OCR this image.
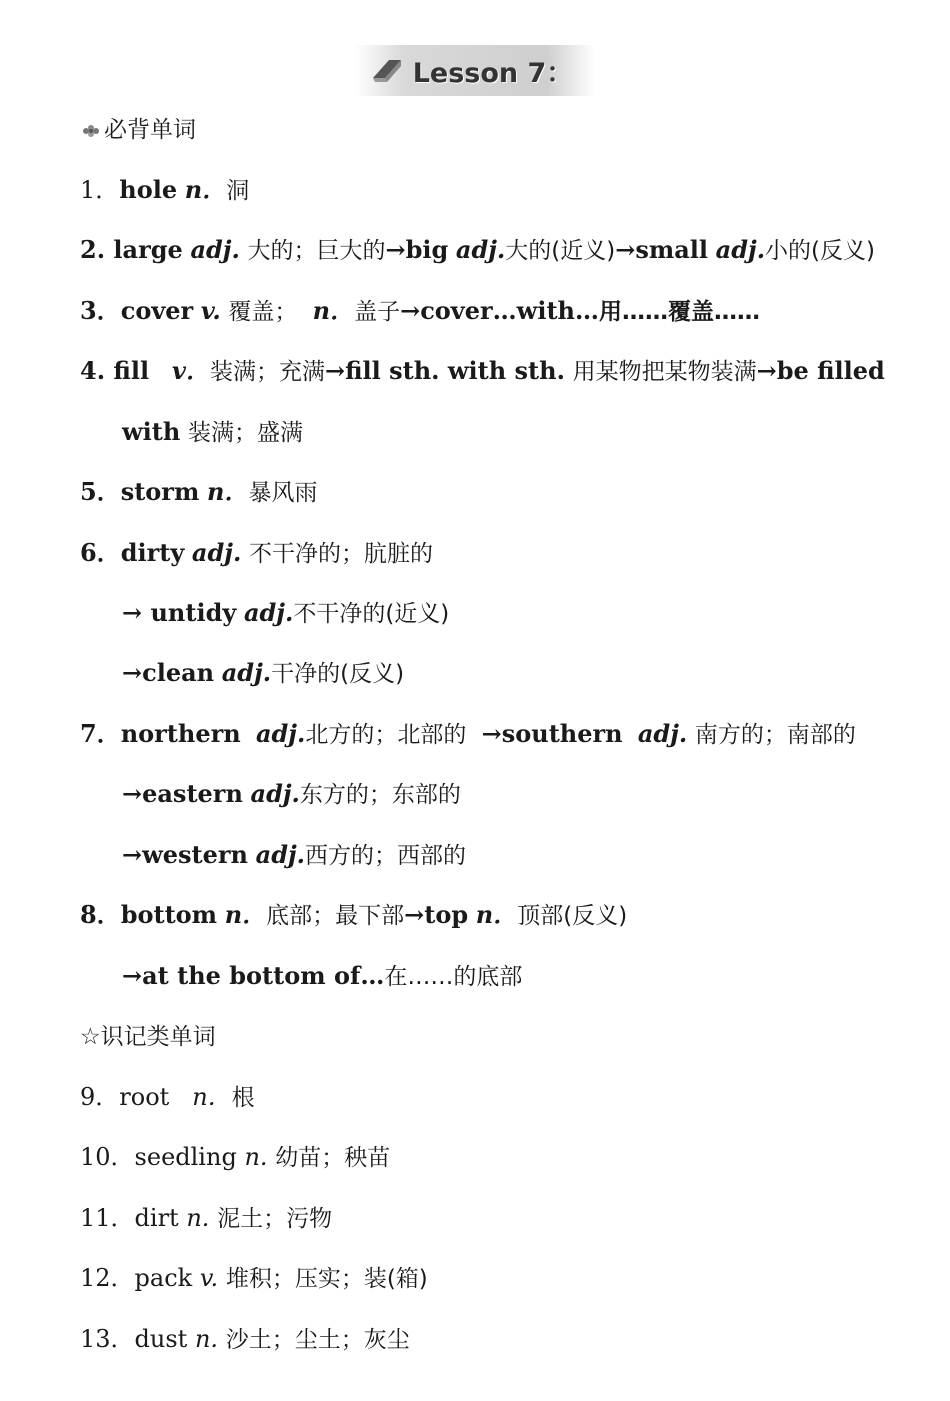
Lesson 7：
必背单词
1．hole n．洞
2. large adj. 大的；巨大的→big adj.大的(近义)→small adj.小的(反义)
3．cover v. 覆盖； n．盖子→cover…with…用……覆盖……
4. fill v．装满；充满→fill sth. with sth. 用某物把某物装满→be filled
with 装满；盛满
5．storm n．暴风雨
6．dirty adj. 不干净的；肮脏的
→ untidy adj.不干净的(近义)
→clean adj.干净的(反义)
7．northern adj.北方的；北部的 →southern adj. 南方的；南部的
→eastern adj.东方的；东部的
→western adj.西方的；西部的
8．bottom n．底部；最下部→top n．顶部(反义)
→at the bottom of…在……的底部
☆识记类单词
9．root n．根
10．seedling n. 幼苗；秧苗
11．dirt n. 泥土；污物
12．pack v. 堆积；压实；装(箱)
13．dust n. 沙土；尘土；灰尘
